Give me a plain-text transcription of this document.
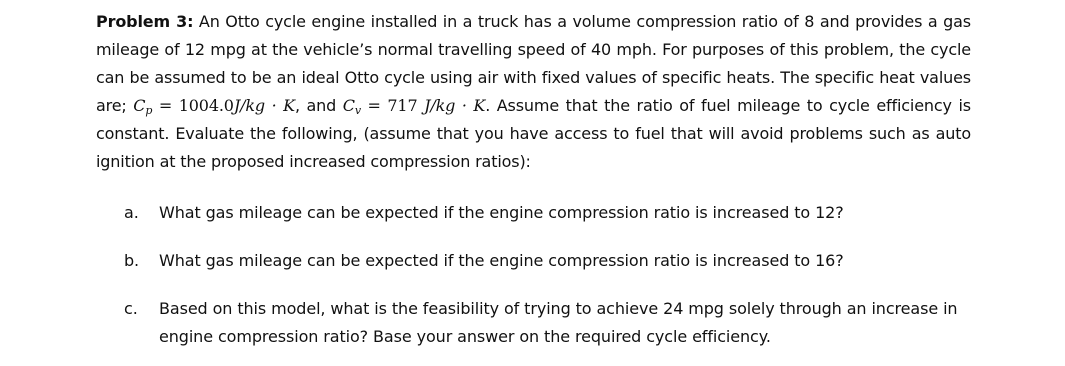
Problem 3: An Otto cycle engine installed in a truck has a volume compression ratio of 8 and provides a gas mileage of 12 mpg at the vehicle’s normal travelling speed of 40 mph. For purposes of this problem, the cycle can be assumed to be an ideal Otto cycle using air with fixed values of specific heats. The specific heat values are; $C_p = 1004.0J/kg \cdot K$, and $C_v = 717$ J/kg · K. Assume that the ratio of fuel mileage to cycle efficiency is constant. Evaluate the following, (assume that you have access to fuel that will avoid problems such as auto ignition at the proposed increased compression ratios):
a.	What gas mileage can be expected if the engine compression ratio is increased to 12?
b.	What gas mileage can be expected if the engine compression ratio is increased to 16?
c.	Based on this model, what is the feasibility of trying to achieve 24 mpg solely through an increase in engine compression ratio? Base your answer on the required cycle efficiency.
